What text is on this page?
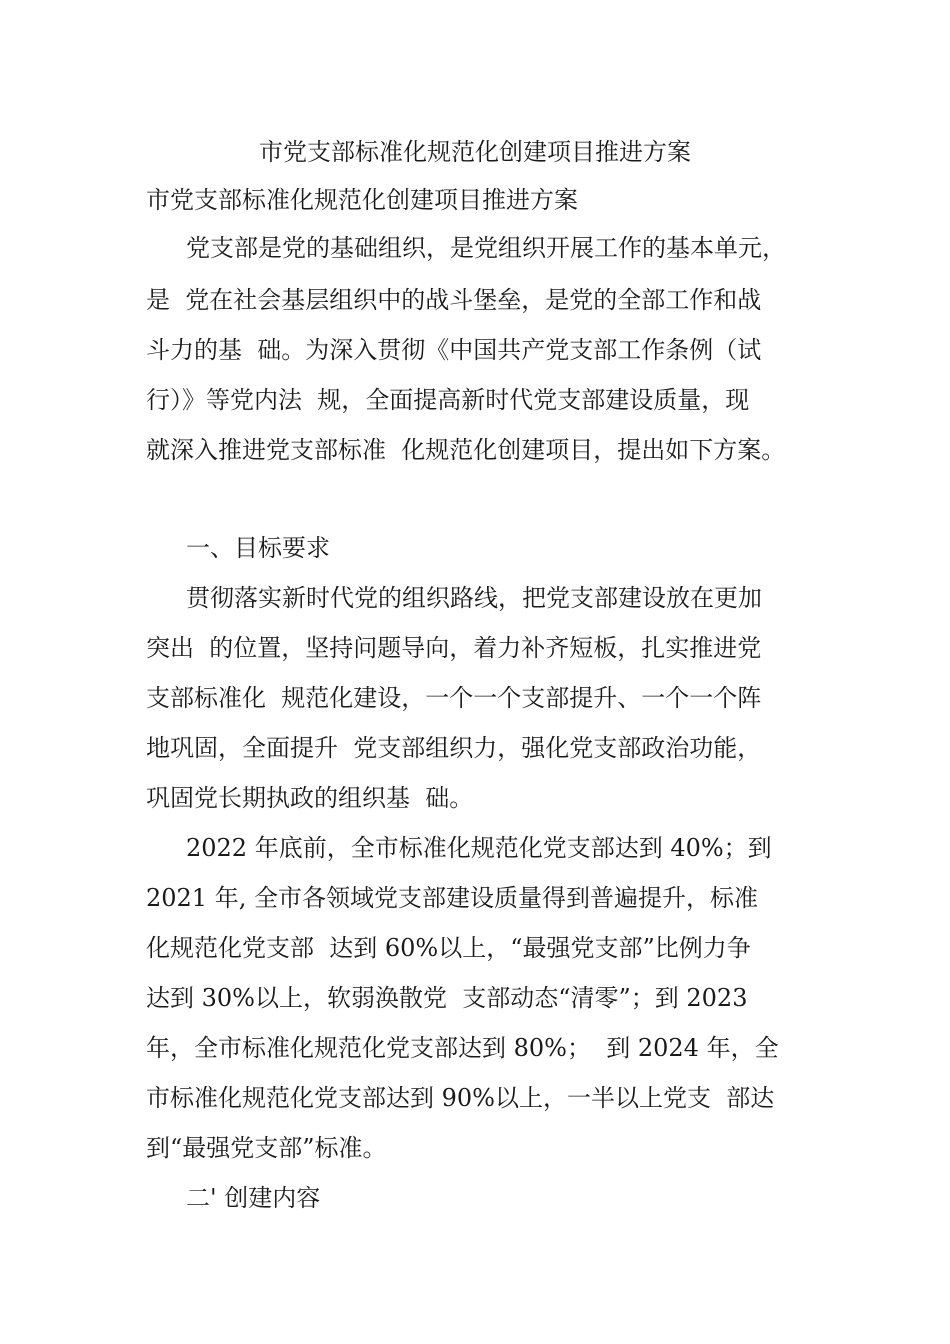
市党支部标准化规范化创建项目推进方案
市党支部标准化规范化创建项目推进方案
党支部是党的基础组织，是党组织开展工作的基本单元，
是  党在社会基层组织中的战斗堡垒，是党的全部工作和战
斗力的基  础。为深入贯彻《中国共产党支部工作条例（试
行）》等党内法  规，全面提高新时代党支部建设质量，现
就深入推进党支部标准  化规范化创建项目，提出如下方案。
一、目标要求
贯彻落实新时代党的组织路线，把党支部建设放在更加
突出  的位置，坚持问题导向，着力补齐短板，扎实推进党
支部标准化  规范化建设，一个一个支部提升、一个一个阵
地巩固，全面提升  党支部组织力，强化党支部政治功能，
巩固党长期执政的组织基  础。
2022 年底前，全市标准化规范化党支部达到 40%；到
2021 年, 全市各领域党支部建设质量得到普遍提升，标准
化规范化党支部  达到 60%以上，“最强党支部”比例力争
达到 30%以上，软弱涣散党  支部动态“清零”；到 2023
年，全市标准化规范化党支部达到 80%；  到 2024 年，全
市标准化规范化党支部达到 90%以上，一半以上党支  部达
到“最强党支部”标准。
二' 创建内容
